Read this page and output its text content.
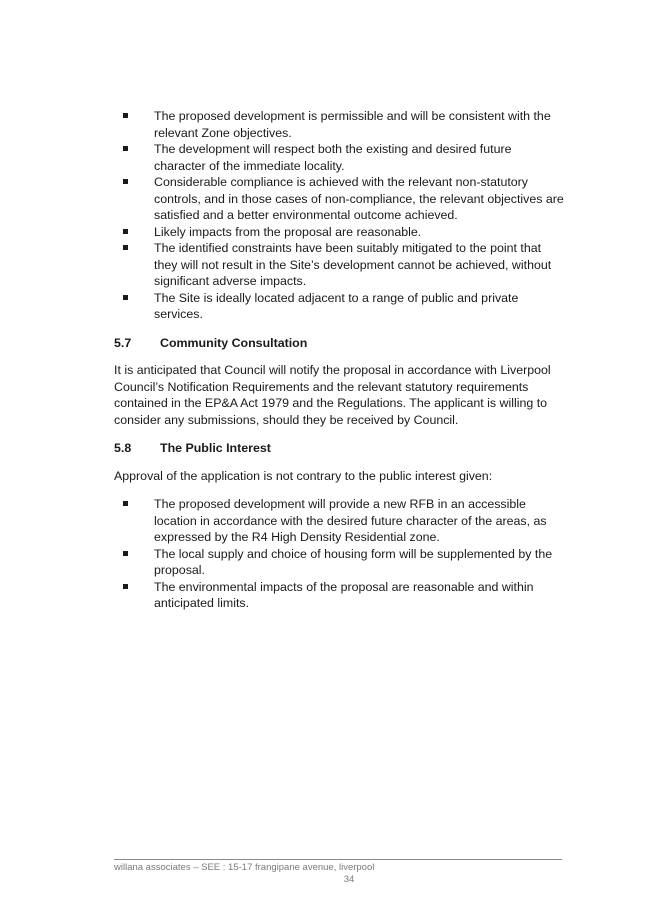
The proposed development is permissible and will be consistent with the relevant Zone objectives.
The development will respect both the existing and desired future character of the immediate locality.
Considerable compliance is achieved with the relevant non-statutory controls, and in those cases of non-compliance, the relevant objectives are satisfied and a better environmental outcome achieved.
Likely impacts from the proposal are reasonable.
The identified constraints have been suitably mitigated to the point that they will not result in the Site’s development cannot be achieved, without significant adverse impacts.
The Site is ideally located adjacent to a range of public and private services.
5.7	Community Consultation

It is anticipated that Council will notify the proposal in accordance with Liverpool Council’s Notification Requirements and the relevant statutory requirements contained in the EP&A Act 1979 and the Regulations. The applicant is willing to consider any submissions, should they be received by Council.

5.8	The Public Interest

Approval of the application is not contrary to the public interest given:

The proposed development will provide a new RFB in an accessible location in accordance with the desired future character of the areas, as expressed by the R4 High Density Residential zone.
The local supply and choice of housing form will be supplemented by the proposal.
The environmental impacts of the proposal are reasonable and within anticipated limits.
willana associates – SEE : 15-17 frangipane avenue, liverpool
34
